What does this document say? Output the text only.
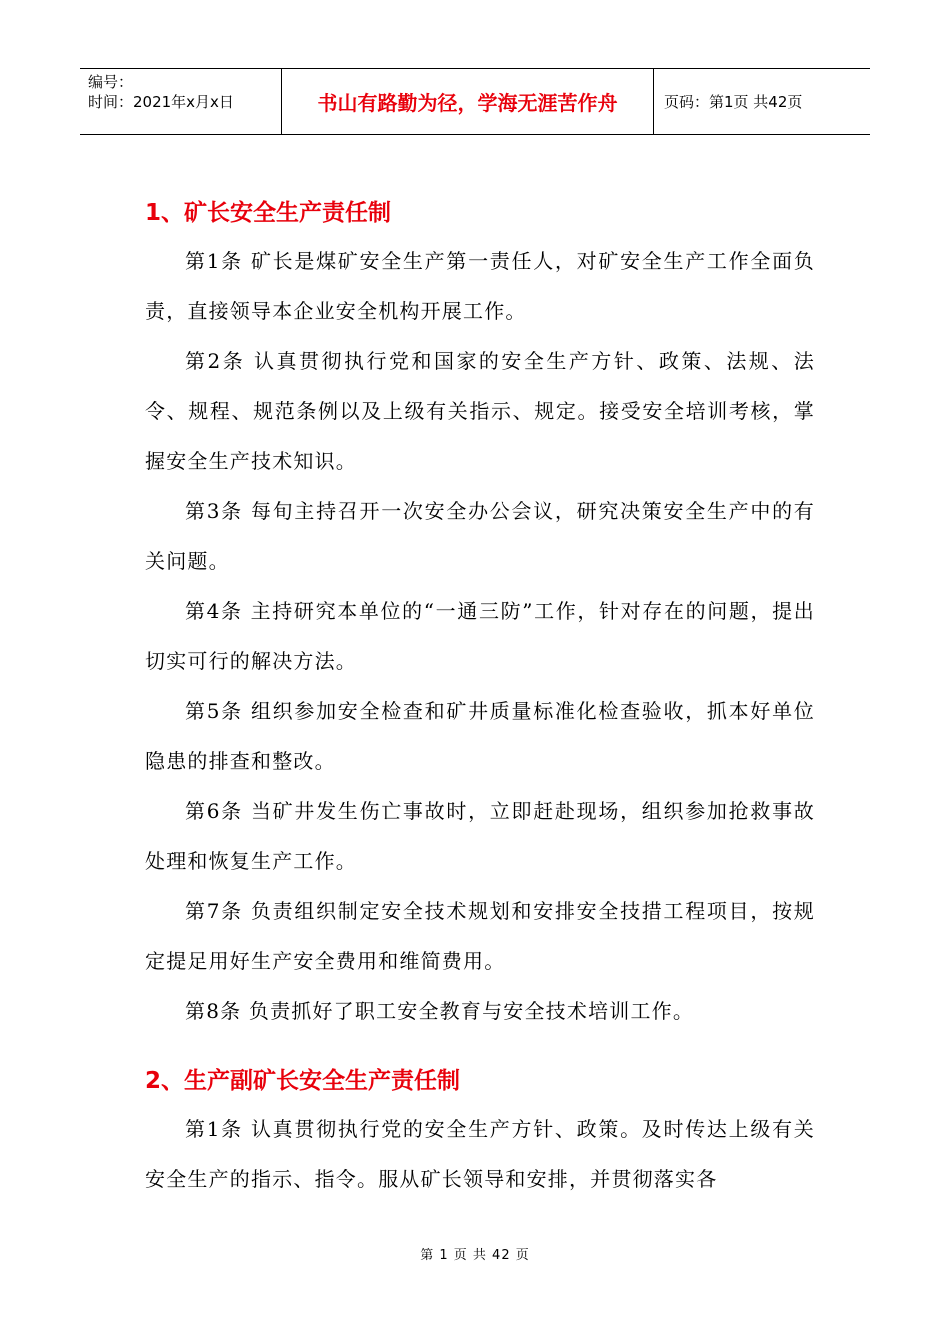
编号：
时间：2021年x月x日	书山有路勤为径，学海无涯苦作舟	页码：第1页 共42页
1、矿长安全生产责任制

第1条 矿长是煤矿安全生产第一责任人，对矿安全生产工作全面负责，直接领导本企业安全机构开展工作。

第2条 认真贯彻执行党和国家的安全生产方针、政策、法规、法令、规程、规范条例以及上级有关指示、规定。接受安全培训考核，掌握安全生产技术知识。

第3条 每旬主持召开一次安全办公会议，研究决策安全生产中的有关问题。

第4条 主持研究本单位的“一通三防”工作，针对存在的问题，提出切实可行的解决方法。

第5条 组织参加安全检查和矿井质量标准化检查验收，抓本好单位隐患的排查和整改。

第6条 当矿井发生伤亡事故时，立即赶赴现场，组织参加抢救事故处理和恢复生产工作。

第7条 负责组织制定安全技术规划和安排安全技措工程项目，按规定提足用好生产安全费用和维简费用。

第8条 负责抓好了职工安全教育与安全技术培训工作。

2、生产副矿长安全生产责任制

第1条 认真贯彻执行党的安全生产方针、政策。及时传达上级有关安全生产的指示、指令。服从矿长领导和安排，并贯彻落实各

第 1 页 共 42 页
